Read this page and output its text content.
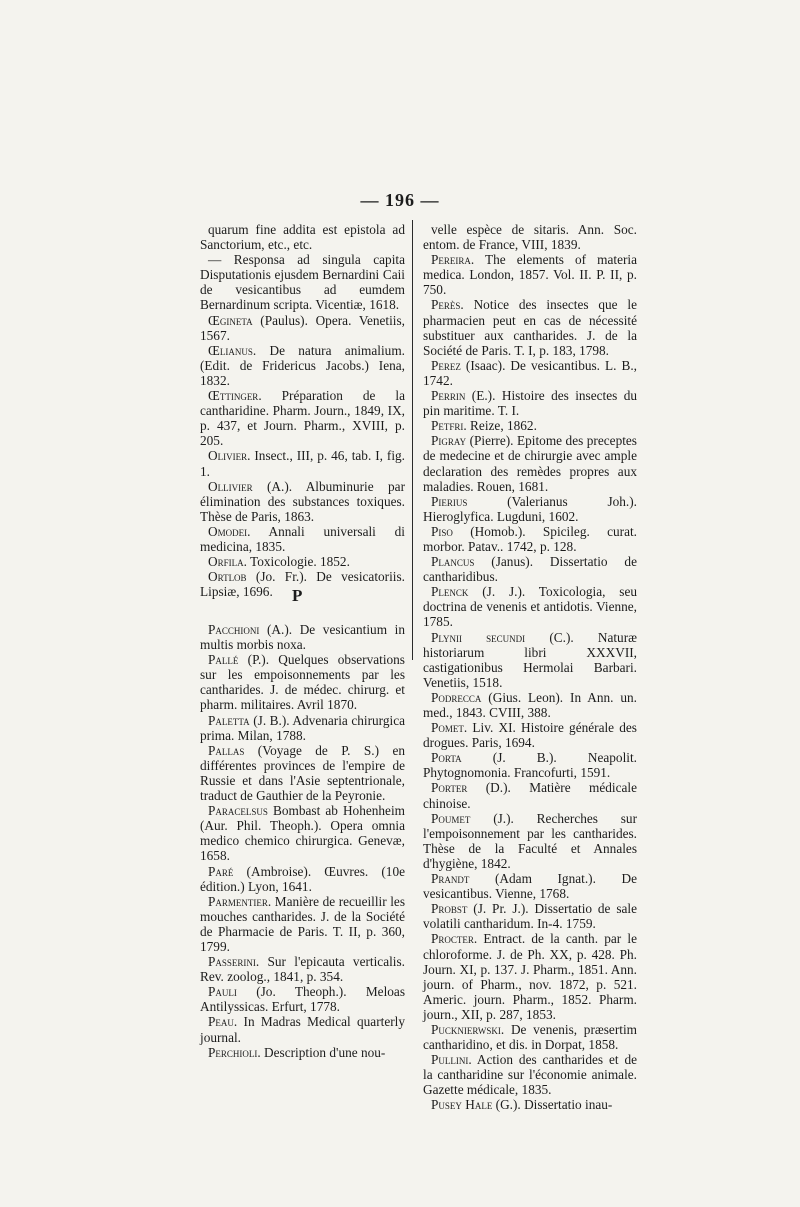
— 196 —

quarum fine addita est epistola ad Sanctorium, etc., etc.

— Responsa ad singula capita Disputationis ejusdem Bernardini Caii de vesicantibus ad eumdem Bernardinum scripta. Vicentiæ, 1618.

Œgineta (Paulus). Opera. Venetiis, 1567.

Œlianus. De natura animalium. (Edit. de Fridericus Jacobs.) Iena, 1832.

Œttinger. Préparation de la cantharidine. Pharm. Journ., 1849, IX, p. 437, et Journ. Pharm., XVIII, p. 205.

Olivier. Insect., III, p. 46, tab. I, fig. 1.

Ollivier (A.). Albuminurie par élimination des substances toxiques. Thèse de Paris, 1863.

Omodei. Annali universali di medicina, 1835.

Orfila. Toxicologie. 1852.

Ortlob (Jo. Fr.). De vesicatoriis. Lipsiæ, 1696.	P

Pacchioni (A.). De vesicantium in multis morbis noxa.

Pallé (P.). Quelques observations sur les empoisonnements par les cantharides. J. de médec. chirurg. et pharm. militaires. Avril 1870.

Paletta (J. B.). Advenaria chirurgica prima. Milan, 1788.

Pallas (Voyage de P. S.) en différentes provinces de l'empire de Russie et dans l'Asie septentrionale, traduct de Gauthier de la Peyronie.

Paracelsus Bombast ab Hohenheim (Aur. Phil. Theoph.). Opera omnia medico chemico chirurgica. Genevæ, 1658.

Paré (Ambroise). Œuvres. (10e édition.) Lyon, 1641.

Parmentier. Manière de recueillir les mouches cantharides. J. de la Société de Pharmacie de Paris. T. II, p. 360, 1799.

Passerini. Sur l'epicauta verticalis. Rev. zoolog., 1841, p. 354.

Pauli (Jo. Theoph.). Meloas Antilyssicas. Erfurt, 1778.

Peau. In Madras Medical quarterly journal.

Perchioli. Description d'une nou-

velle espèce de sitaris. Ann. Soc. entom. de France, VIII, 1839.

Pereira. The elements of materia medica. London, 1857. Vol. II. P. II, p. 750.

Perès. Notice des insectes que le pharmacien peut en cas de nécessité substituer aux cantharides. J. de la Société de Paris. T. I, p. 183, 1798.

Perez (Isaac). De vesicantibus. L. B., 1742.

Perrin (E.). Histoire des insectes du pin maritime. T. I.

Petfri. Reize, 1862.

Pigray (Pierre). Epitome des preceptes de medecine et de chirurgie avec ample declaration des remèdes propres aux maladies. Rouen, 1681.

Pierius (Valerianus Joh.). Hieroglyfica. Lugduni, 1602.

Piso (Homob.). Spicileg. curat. morbor. Patav.. 1742, p. 128.

Plancus (Janus). Dissertatio de cantharidibus.

Plenck (J. J.). Toxicologia, seu doctrina de venenis et antidotis. Vienne, 1785.

Plynii secundi (C.). Naturæ historiarum libri XXXVII, castigationibus Hermolai Barbari. Venetiis, 1518.

Podrecca (Gius. Leon). In Ann. un. med., 1843. CVIII, 388.

Pomet. Liv. XI. Histoire générale des drogues. Paris, 1694.

Porta (J. B.). Neapolit. Phytognomonia. Francofurti, 1591.

Porter (D.). Matière médicale chinoise.

Poumet (J.). Recherches sur l'empoisonnement par les cantharides. Thèse de la Faculté et Annales d'hygiène, 1842.

Prandt (Adam Ignat.). De vesicantibus. Vienne, 1768.

Probst (J. Pr. J.). Dissertatio de sale volatili cantharidum. In-4. 1759.

Procter. Entract. de la canth. par le chloroforme. J. de Ph. XX, p. 428. Ph. Journ. XI, p. 137. J. Pharm., 1851. Ann. journ. of Pharm., nov. 1872, p. 521. Americ. journ. Pharm., 1852. Pharm. journ., XII, p. 287, 1853.

Pucknierwski. De venenis, præsertim cantharidino, et dis. in Dorpat, 1858.

Pullini. Action des cantharides et de la cantharidine sur l'économie animale. Gazette médicale, 1835.

Pusey Hale (G.). Dissertatio inau-
